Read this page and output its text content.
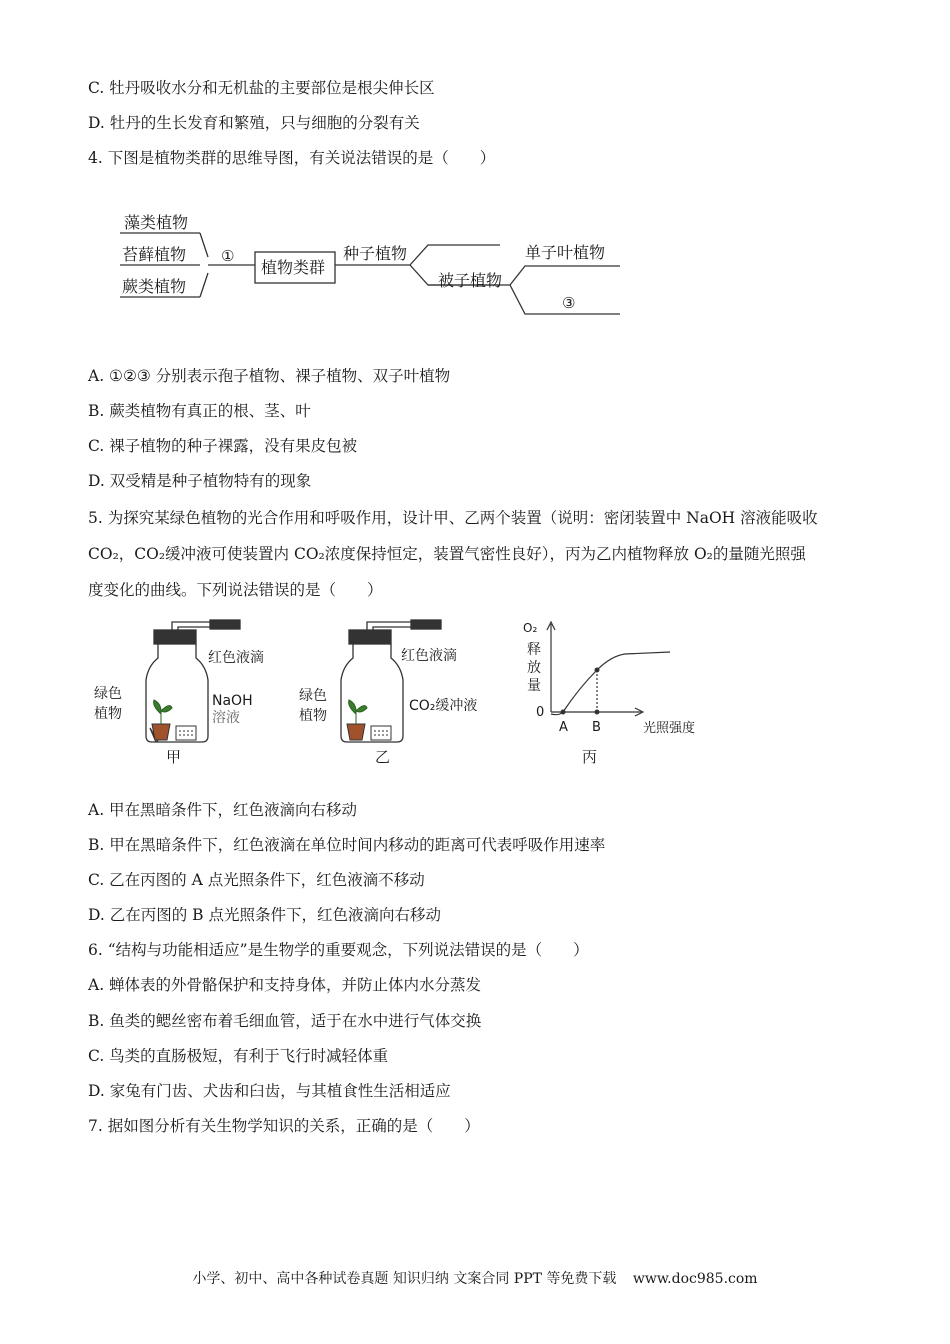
C. 牡丹吸收水分和无机盐的主要部位是根尖伸长区
D. 牡丹的生长发育和繁殖，只与细胞的分裂有关
4. 下图是植物类群的思维导图，有关说法错误的是（　　）
藻类植物
苔藓植物
蕨类植物
①
植物类群
种子植物
被子植物
单子叶植物
③
A. ①②③ 分别表示孢子植物、裸子植物、双子叶植物
B. 蕨类植物有真正的根、茎、叶
C. 裸子植物的种子裸露，没有果皮包被
D. 双受精是种子植物特有的现象
5. 为探究某绿色植物的光合作用和呼吸作用，设计甲、乙两个装置（说明：密闭装置中 NaOH 溶液能吸收
CO₂，CO₂缓冲液可使装置内 CO₂浓度保持恒定，装置气密性良好），丙为乙内植物释放 O₂的量随光照强
度变化的曲线。下列说法错误的是（　　）
红色液滴
绿色
植物
NaOH
溶液
甲
红色液滴
绿色
植物
CO₂缓冲液
乙
O₂
释
放
量
0
A B	光照强度
丙
A. 甲在黑暗条件下，红色液滴向右移动
B. 甲在黑暗条件下，红色液滴在单位时间内移动的距离可代表呼吸作用速率
C. 乙在丙图的 A 点光照条件下，红色液滴不移动
D. 乙在丙图的 B 点光照条件下，红色液滴向右移动
6. “结构与功能相适应”是生物学的重要观念，下列说法错误的是（　　）
A. 蝉体表的外骨骼保护和支持身体，并防止体内水分蒸发
B. 鱼类的鳃丝密布着毛细血管，适于在水中进行气体交换
C. 鸟类的直肠极短，有利于飞行时减轻体重
D. 家兔有门齿、犬齿和臼齿，与其植食性生活相适应
7. 据如图分析有关生物学知识的关系，正确的是（　　）
小学、初中、高中各种试卷真题 知识归纳 文案合同 PPT 等免费下载 www.doc985.com
